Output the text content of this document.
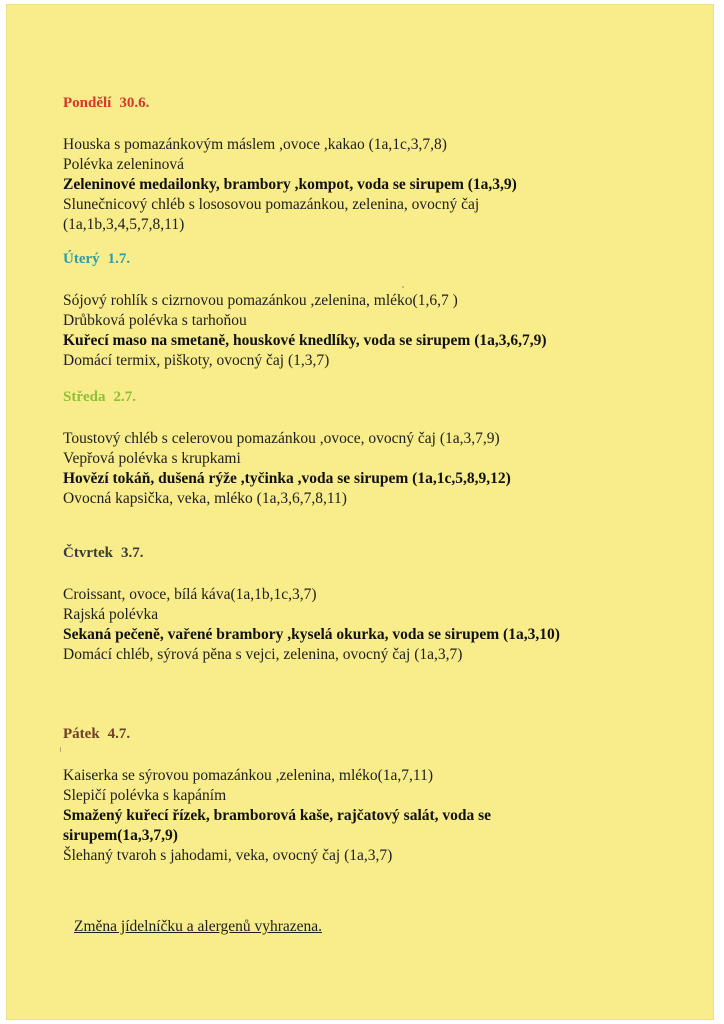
Pondělí 30.6.

Houska s pomazánkovým máslem ,ovoce ,kakao (1a,1c,3,7,8)

Polévka zeleninová

Zeleninové medailonky, brambory ,kompot, voda se sirupem (1a,3,9)

Slunečnicový chléb s lososovou pomazánkou, zelenina, ovocný čaj

(1a,1b,3,4,5,7,8,11)

Úterý 1.7.

Sójový rohlík s cizrnovou pomazánkou ,zelenina, mléko(1,6,7 )

Drůbková polévka s tarhoňou

Kuřecí maso na smetaně, houskové knedlíky, voda se sirupem (1a,3,6,7,9)

Domácí termix, piškoty, ovocný čaj (1,3,7)

Středa 2.7.

Toustový chléb s celerovou pomazánkou ,ovoce, ovocný čaj (1a,3,7,9)

Vepřová polévka s krupkami

Hovězí tokáň, dušená rýže ,tyčinka ,voda se sirupem (1a,1c,5,8,9,12)

Ovocná kapsička, veka, mléko (1a,3,6,7,8,11)

Čtvrtek 3.7.

Croissant, ovoce, bílá káva(1a,1b,1c,3,7)

Rajská polévka

Sekaná pečeně, vařené brambory ,kyselá okurka, voda se sirupem (1a,3,10)

Domácí chléb, sýrová pěna s vejci, zelenina, ovocný čaj (1a,3,7)

Pátek 4.7.

Kaiserka se sýrovou pomazánkou ,zelenina, mléko(1a,7,11)

Slepičí polévka s kapáním

Smažený kuřecí řízek, bramborová kaše, rajčatový salát, voda se

sirupem(1a,3,7,9)

Šlehaný tvaroh s jahodami, veka, ovocný čaj (1a,3,7)

Změna jídelníčku a alergenů vyhrazena.
